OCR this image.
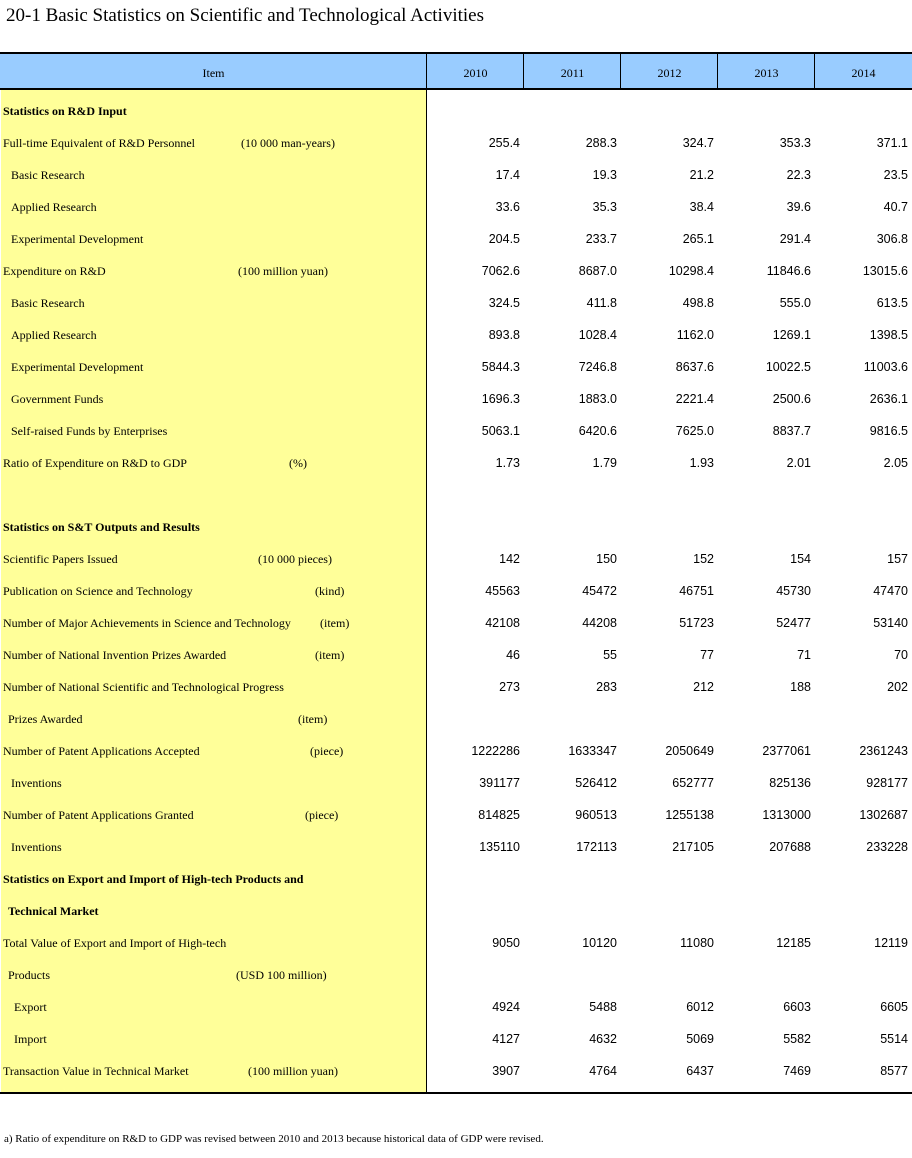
20-1 Basic Statistics on Scientific and Technological Activities
Item	2010	2011	2012	2013	2014
Statistics on R&D Input
Full-time Equivalent of R&D Personnel	(10 000 man-years)	255.4	288.3	324.7	353.3	371.1
Basic Research	17.4	19.3	21.2	22.3	23.5
Applied Research	33.6	35.3	38.4	39.6	40.7
Experimental Development	204.5	233.7	265.1	291.4	306.8
Expenditure on R&D	(100 million yuan)	7062.6	8687.0	10298.4	11846.6	13015.6
Basic Research	324.5	411.8	498.8	555.0	613.5
Applied Research	893.8	1028.4	1162.0	1269.1	1398.5
Experimental Development	5844.3	7246.8	8637.6	10022.5	11003.6
Government Funds	1696.3	1883.0	2221.4	2500.6	2636.1
Self-raised Funds by Enterprises	5063.1	6420.6	7625.0	8837.7	9816.5
Ratio of Expenditure on R&D to GDP	(%)	1.73	1.79	1.93	2.01	2.05
Statistics on S&T Outputs and Results
Scientific Papers Issued	(10 000 pieces)	142	150	152	154	157
Publication on Science and Technology	(kind)	45563	45472	46751	45730	47470
Number of Major Achievements in Science and Technology (item)	42108	44208	51723	52477	53140
Number of National Invention Prizes Awarded	(item)	46	55	77	71	70
Number of National Scientific and Technological Progress	273	283	212	188	202
Prizes Awarded	(item)
Number of Patent Applications Accepted	(piece)	1222286	1633347	2050649	2377061	2361243
Inventions	391177	526412	652777	825136	928177
Number of Patent Applications Granted	(piece)	814825	960513	1255138	1313000	1302687
Inventions	135110	172113	217105	207688	233228
Statistics on Export and Import of High-tech Products and
Technical Market
Total Value of Export and Import of High-tech	9050	10120	11080	12185	12119
Products	(USD 100 million)
Export	4924	5488	6012	6603	6605
Import	4127	4632	5069	5582	5514
Transaction Value in Technical Market	(100 million yuan)	3907	4764	6437	7469	8577
a) Ratio of expenditure on R&D to GDP was revised between 2010 and 2013 because historical data of GDP were revised.
